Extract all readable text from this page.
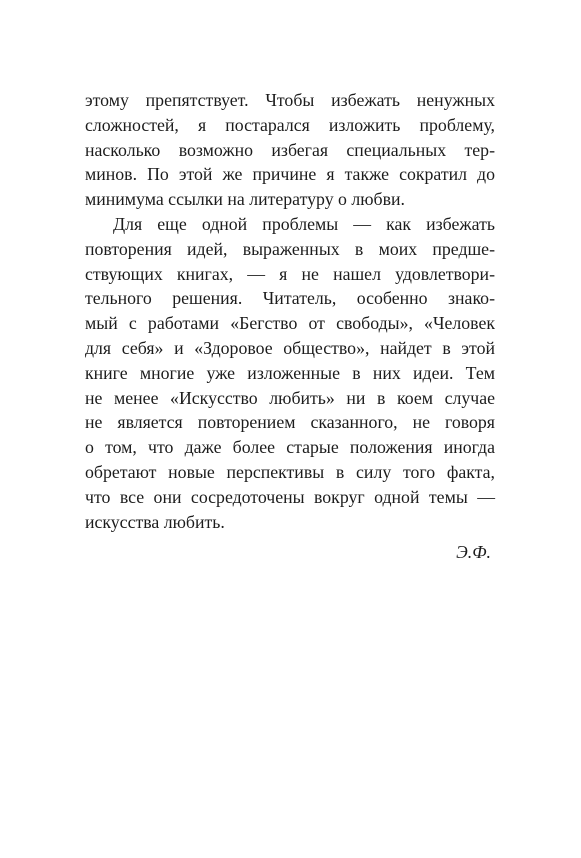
этому препятствует. Чтобы избежать ненужных
сложностей, я постарался изложить проблему,
насколько возможно избегая специальных тер-
минов. По этой же причине я также сократил до
минимума ссылки на литературу о любви.
Для еще одной проблемы — как избежать
повторения идей, выраженных в моих предше-
ствующих книгах, — я не нашел удовлетвори-
тельного решения. Читатель, особенно знако-
мый с работами «Бегство от свободы», «Человек
для себя» и «Здоровое общество», найдет в этой
книге многие уже изложенные в них идеи. Тем
не менее «Искусство любить» ни в коем случае
не является повторением сказанного, не говоря
о том, что даже более старые положения иногда
обретают новые перспективы в силу того факта,
что все они сосредоточены вокруг одной темы —
искусства любить.
Э.Ф.
